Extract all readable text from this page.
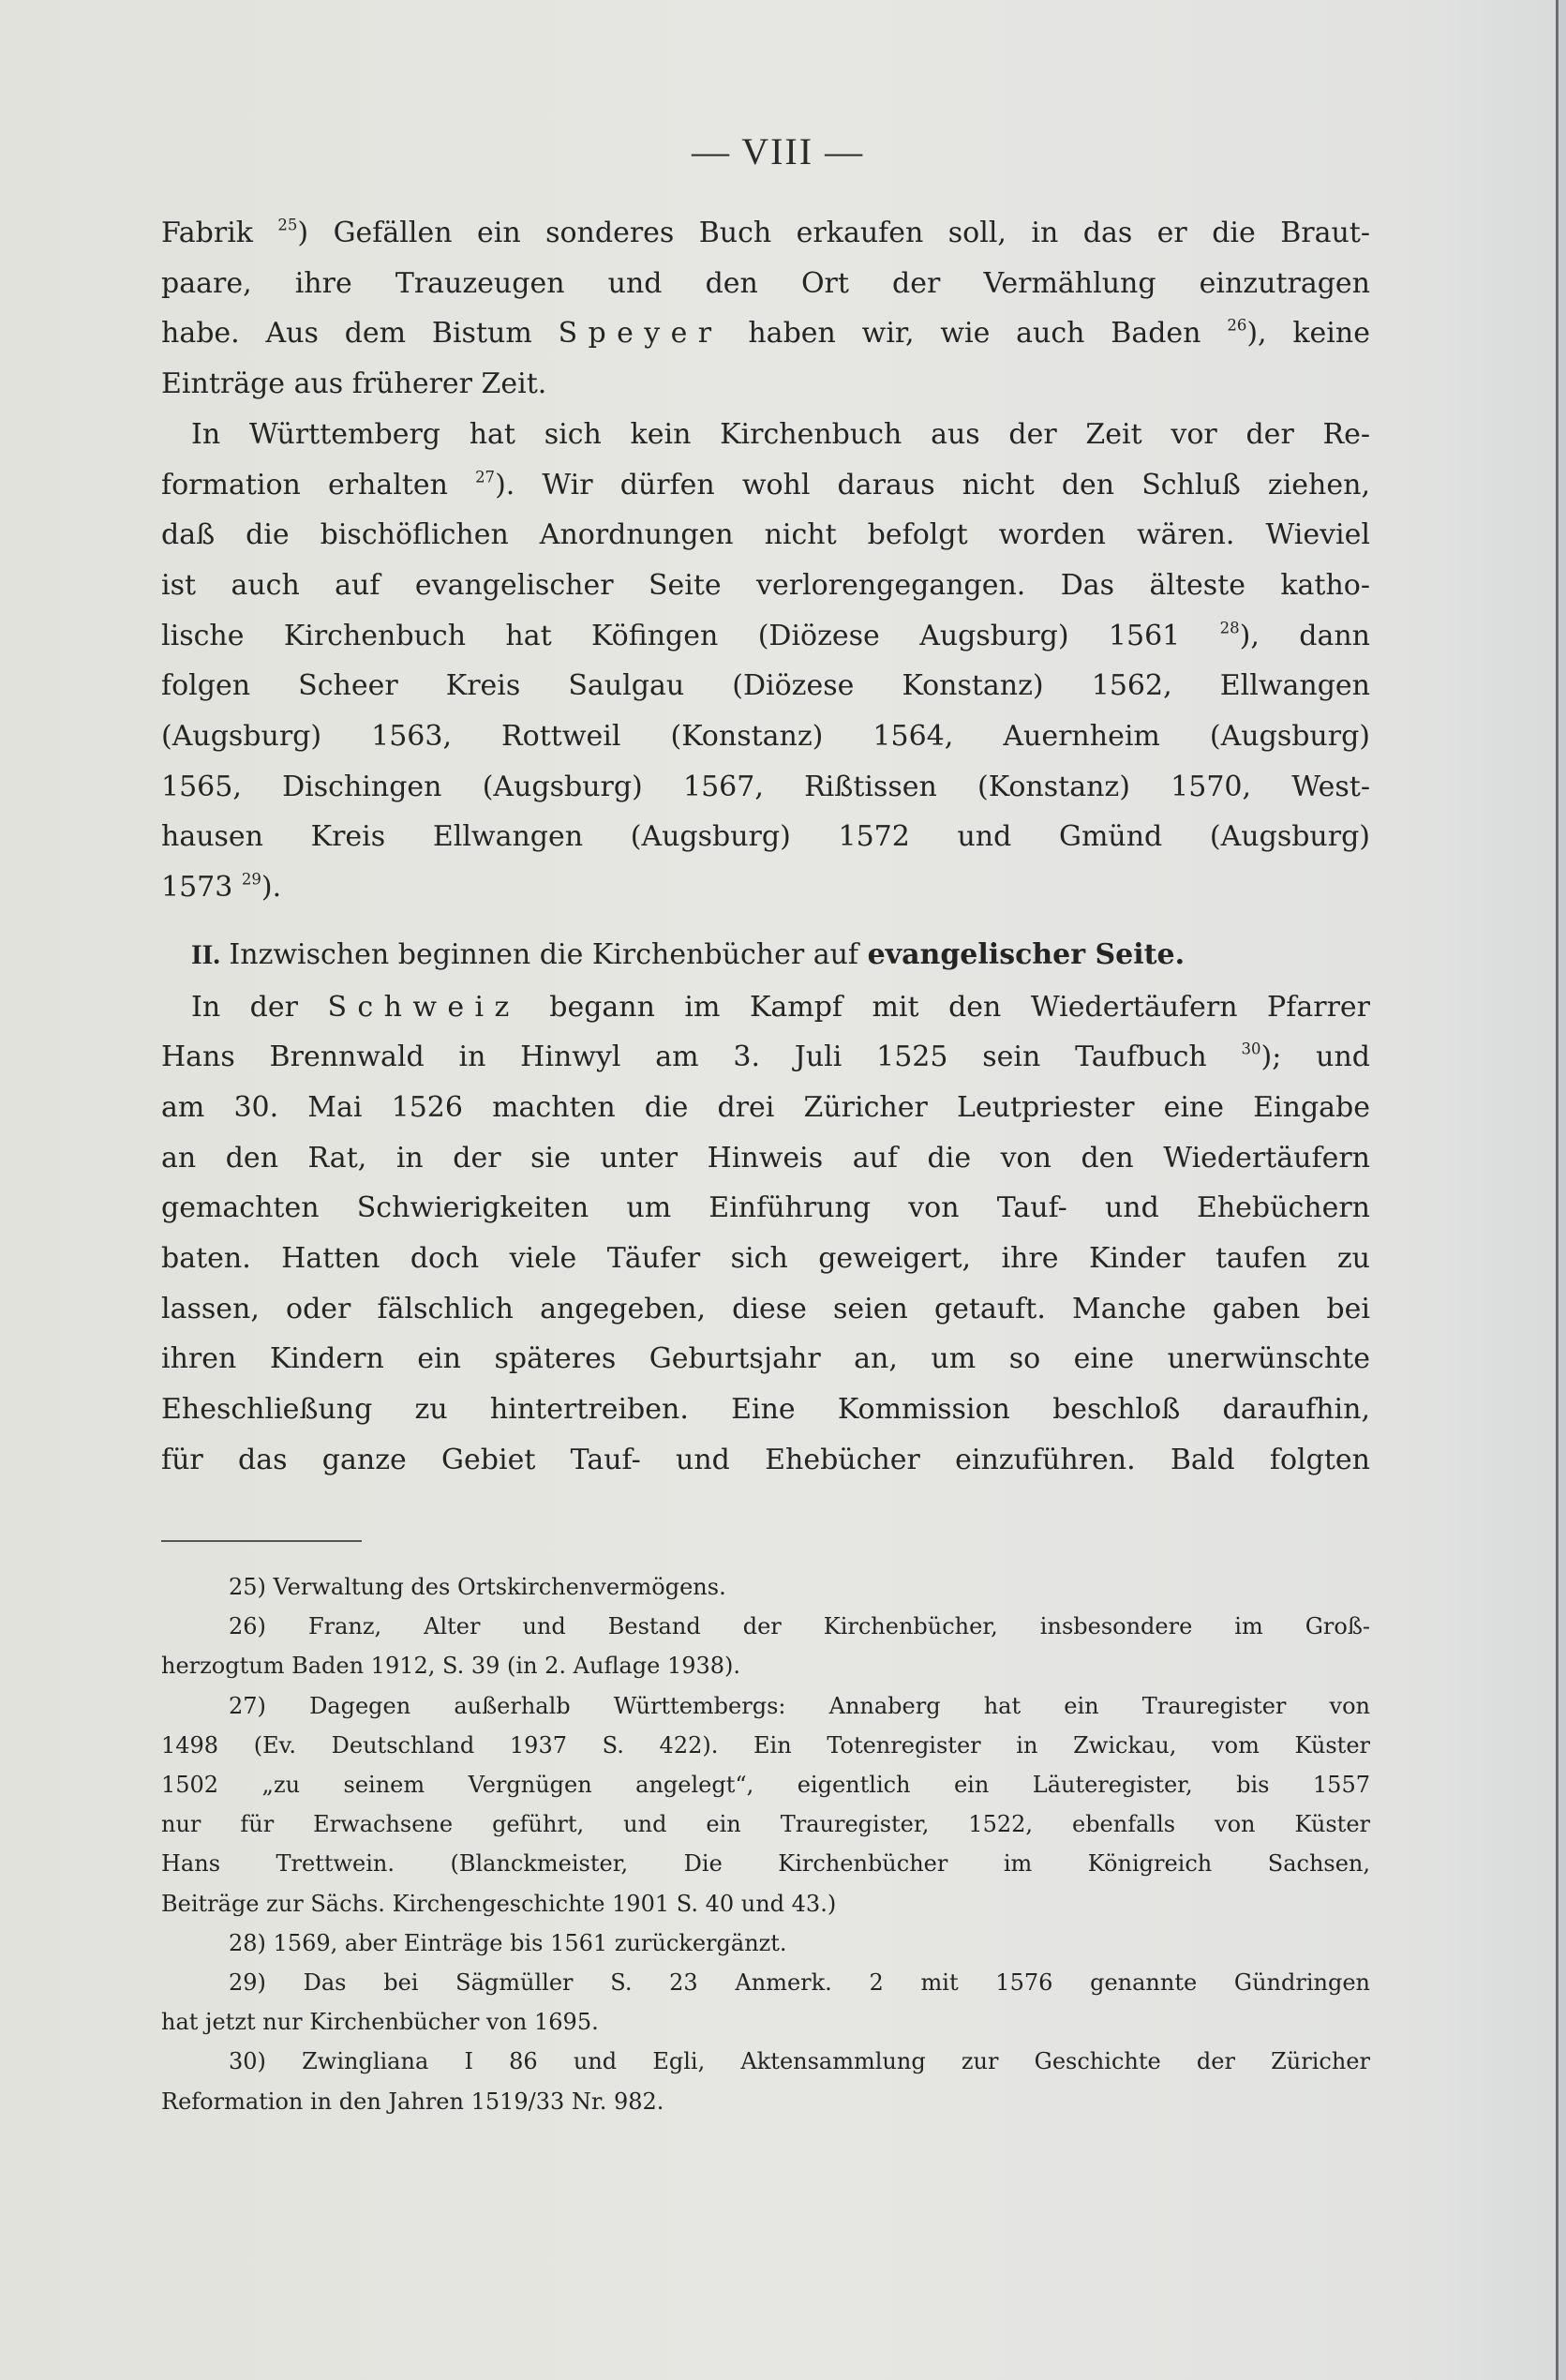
— VIII —
Fabrik $^{25}$) Gefällen ein sonderes Buch erkaufen soll, in das er die Braut-
paare, ihre Trauzeugen und den Ort der Vermählung einzutragen
habe. Aus dem Bistum Speyer haben wir, wie auch Baden $^{26}$), keine
Einträge aus früherer Zeit.
In Württemberg hat sich kein Kirchenbuch aus der Zeit vor der Re-
formation erhalten $^{27}$). Wir dürfen wohl daraus nicht den Schluß ziehen,
daß die bischöflichen Anordnungen nicht befolgt worden wären. Wieviel
ist auch auf evangelischer Seite verlorengegangen. Das älteste katho-
lische Kirchenbuch hat Köfingen (Diözese Augsburg) 1561 $^{28}$), dann
folgen Scheer Kreis Saulgau (Diözese Konstanz) 1562, Ellwangen
(Augsburg) 1563, Rottweil (Konstanz) 1564, Auernheim (Augsburg)
1565, Dischingen (Augsburg) 1567, Rißtissen (Konstanz) 1570, West-
hausen Kreis Ellwangen (Augsburg) 1572 und Gmünd (Augsburg)
1573 $^{29}$).
II. Inzwischen beginnen die Kirchenbücher auf evangelischer Seite.
In der Schweiz begann im Kampf mit den Wiedertäufern Pfarrer
Hans Brennwald in Hinwyl am 3. Juli 1525 sein Taufbuch $^{30}$); und
am 30. Mai 1526 machten die drei Züricher Leutpriester eine Eingabe
an den Rat, in der sie unter Hinweis auf die von den Wiedertäufern
gemachten Schwierigkeiten um Einführung von Tauf- und Ehebüchern
baten. Hatten doch viele Täufer sich geweigert, ihre Kinder taufen zu
lassen, oder fälschlich angegeben, diese seien getauft. Manche gaben bei
ihren Kindern ein späteres Geburtsjahr an, um so eine unerwünschte
Eheschließung zu hintertreiben. Eine Kommission beschloß daraufhin,
für das ganze Gebiet Tauf- und Ehebücher einzuführen. Bald folgten
25) Verwaltung des Ortskirchenvermögens.
26) Franz, Alter und Bestand der Kirchenbücher, insbesondere im Groß-
herzogtum Baden 1912, S. 39 (in 2. Auflage 1938).
27) Dagegen außerhalb Württembergs: Annaberg hat ein Trauregister von
1498 (Ev. Deutschland 1937 S. 422). Ein Totenregister in Zwickau, vom Küster
1502 „zu seinem Vergnügen angelegt“, eigentlich ein Läuteregister, bis 1557
nur für Erwachsene geführt, und ein Trauregister, 1522, ebenfalls von Küster
Hans Trettwein. (Blanckmeister, Die Kirchenbücher im Königreich Sachsen,
Beiträge zur Sächs. Kirchengeschichte 1901 S. 40 und 43.)
28) 1569, aber Einträge bis 1561 zurückergänzt.
29) Das bei Sägmüller S. 23 Anmerk. 2 mit 1576 genannte Gündringen
hat jetzt nur Kirchenbücher von 1695.
30) Zwingliana I 86 und Egli, Aktensammlung zur Geschichte der Züricher
Reformation in den Jahren 1519/33 Nr. 982.
